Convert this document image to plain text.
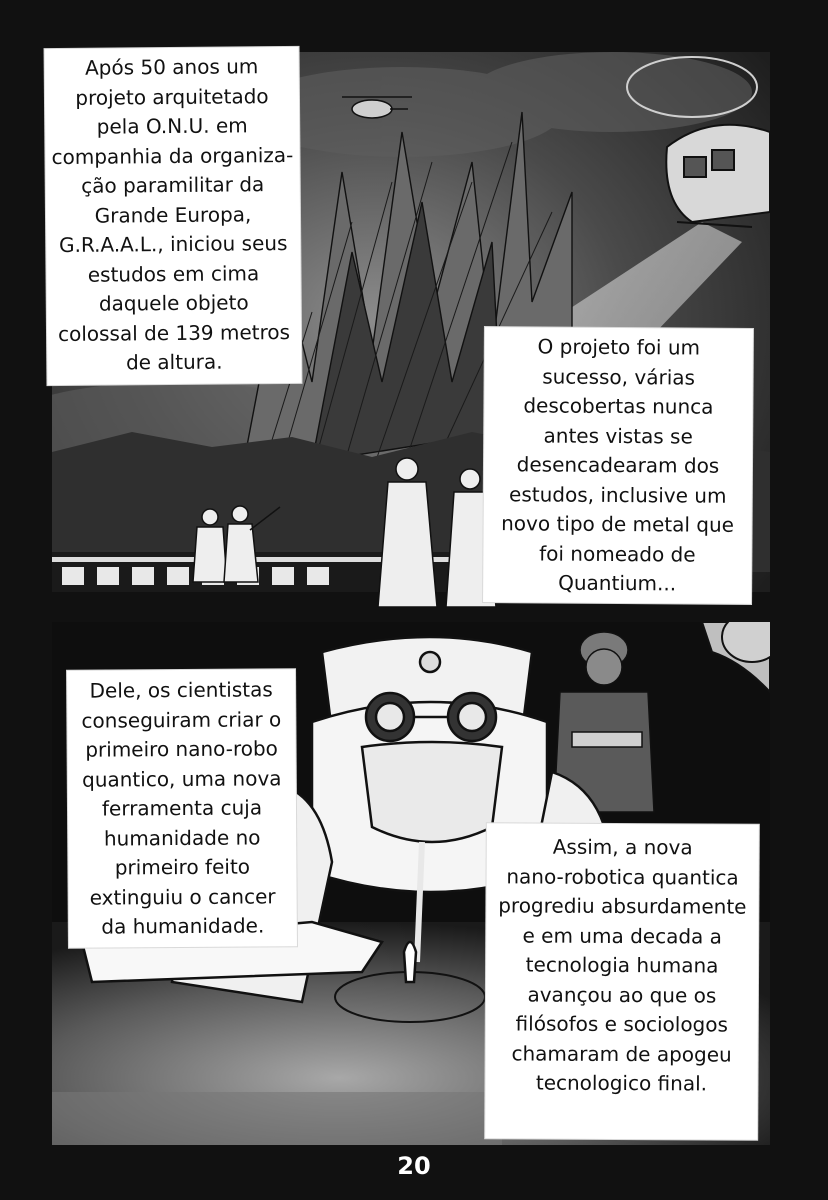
Após 50 anos um
projeto arquitetado
pela O.N.U. em
companhia da organiza-
ção paramilitar da
Grande Europa,
G.R.A.A.L., iniciou seus
estudos em cima
daquele objeto
colossal de 139 metros
de altura.
O projeto foi um
sucesso, várias
descobertas nunca
antes vistas se
desencadearam dos
estudos, inclusive um
novo tipo de metal que
foi nomeado de
Quantium...
Dele, os cientistas
conseguiram criar o
primeiro nano-robo
quantico, uma nova
ferramenta cuja
humanidade no
primeiro feito
extinguiu o cancer
da humanidade.
Assim, a nova
nano-robotica quantica
progrediu absurdamente
e em uma decada a
tecnologia humana
avançou ao que os
filósofos e sociologos
chamaram de apogeu
tecnologico final.
20
